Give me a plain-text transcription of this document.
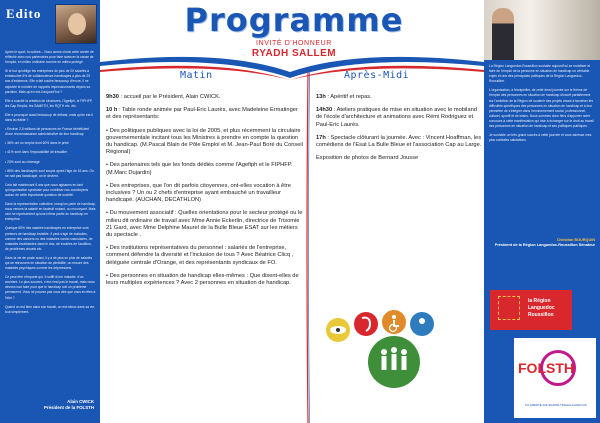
Edito

Après le sport, la culture... Nous avons choisi cette année de réfléchir avec nos partenaires pour faire avancer la cause de l'emploi, en milieu ordinaire comme en milieu protégé.

Si le but qu'oblige les entreprises de plus de 20 salariés à embaucher 6% de collaborateurs handicapés a plus de 25 ans d'existence. Elle a fait coulée beaucoup d'encre, il ne rajoutée le nombre de rapports impressionnants depuis sa parution. Mais qu'en est-il aujourd'hui ?

Elle a suscité la création de structures, l'Agefiph, le FIPHFP, les Cap Emploi, les SAMETH, les RQTH etc. etc.

Elle a provoqué aussi beaucoup de débats, mais qu'en est-il dans la réalité ?

• Environ 2,5 millions de personnes en France bénéficient d'une reconnaissance administrative de leur handicap

• 36% ont un emploi dont 60% dans le privé

• 41% sont dans l'impossibilité de travailler

• 23% sont au chômage

• 86% des handicapés sont soupis après l'âge de 16 ans. On ne nait pas handicapé, on le devient.

Cela fait maintenant 6 ans que nous agissons en tant qu'organisation syndicale pour mobiliser nos concitoyens autour de cette importante question de société.

Dans la représentation collective, lorsqu'on parle de handicap, nous venons la salarié en fauteuil roulant, ou mourcyant. Mais ceci ne représentent qu'une infime partie du handicap en entreprise.

Quelque 80% des salariés handicapés en entreprise sont porteurs de handicap invisible. Il peut s'agir de maladies, comme des cancers ou des maladies cardio-vasculaires, de maladies invalidantes dans le dos, de troubles de l'audition, de problèmes visuels etc.

Dans la vie de poste aussi, il y a de plus en plus de salariés qui se retrouvent en situation de pénibilité, ou encore des maladies psychiques comme les dépressions.

Ce peut être n'importe qui. Il suffit d'une maladie, d'un accident. Le plus souvent, c'est n'est pas le travail, mais nous devons tout faire pour que le handicap soit un problème permanent. Vous ne pouvez pas vous dire que vous en êtes à l'abri ?

Quand on est bien dans son travail, on est mieux dans sa vie, tout simplement.

Alain CWICK
Président de la FOLSTH
Programme
INVITÉ D'HONNEUR
RYADH SALLEM
Matin	Après-Midi

9h30 : accueil par le Président, Alain CWICK.

10 h : Table ronde animée par Paul-Eric Laurès, avec Madeleine Ermatinger et des représentants:

• Des politiques publiques avec la loi de 2005, et plus récemment la circulaire gouvernementale incitant tous les Ministres à prendre en compte la question du handicap. (M.Pascal Blain de Pôle Emploi et M. Jean-Paul Boré du Conseil Régional)

• Des partenaires tels que les fonds dédiés comme l'Agefiph et le FIPHFP. (M.Marc Dujardin)

• Des entreprises, que l'on dit parfois citoyennes, ont-elles vocation à être inclusives ? Un ou 2 chefs d'entreprise ayant embauché un travailleur handicapé. (AUCHAN, DECATHLON)

• Du mouvement associatif : Quelles orientations pour le secteur protégé ou le milieu dit ordinaire de travail avec Mme Annie Eckerlin, directrice de Trisomie 21 Gard, avec Mme Delphine Maurel de la Bulle Bleue ESAT sur les métiers du spectacle .

• Des institutions représentatives du personnel : salariés de l'entreprise, comment défendre la diversité et l'inclusion de tous ? Avec Béatrice Clicq , déléguée centrale d'Orange, et des représentants syndicaux de FO.

• Des personnes en situation de handicap elles-mêmes : Que disent-elles de leurs multiples expériences ? Avec 2 personnes en situation de handicap.

13h : Apéritif et repas.

14h30 : Ateliers pratiques de mise en situation avec le mobiland de l'école d'architecture et animations avec Rémi Rodriguez et Paul-Eric Laurès.

17h : Spectacle clôturant la journée. Avec : Vincent Hoaffman, les comédiens de l'Esat La Bulle Bleue et l'association Cap au Large.

Exposition de photos de Bernard Jousse

La Région Languedoc-Roussillon souhaite aujourd'hui se mobiliser et faire de l'emploi de la personne en situation de handicap un véritable enjeu et une des principales politiques de la Région Languedoc-Roussillon.

L'organisation, à Montpellier, de cette demi journée sur le thème de l'emploi des personnes en situation de handicap s'inscrit parfaitement sur l'ambition de la Région de soutenir des projets visant à favoriser les difficultés spécifiques des personnes en situation de handicap et à leur permettre de s'intégrer dans l'environnement social, professionnel, culturel, sportif et de loisirs. Nous sommes donc fiers d'apporter notre concours à cette manifestation qui vise à échanger sur le droit au travail des personnes en situation de handicap et ses politiques publiques.

Je souhaite un très grand succès à cette journée et vous adresse mes plus cordiales salutations.

Christian BOURQUIN
Président de la Région Languedoc-Roussillon Sénateur
la Région
Languedoc
Roussillon
FOLSTH
FO LIBERTÉ-SOLIDARITÉ-TRAVAIL-HANDICAP
